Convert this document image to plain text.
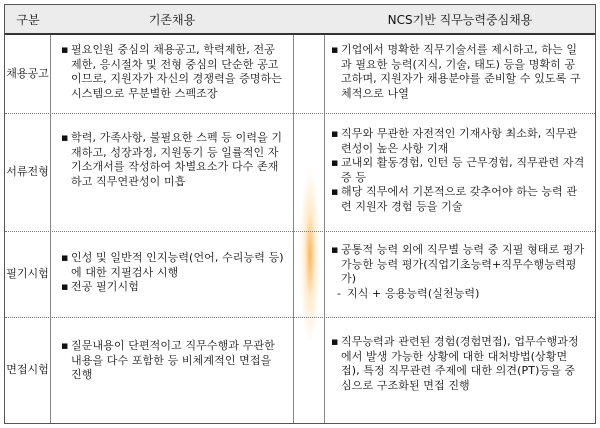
구분	기존채용	NCS기반 직무능력중심채용
채용공고
▪ 필요인원 중심의 채용공고, 학력제한, 전공제한, 응시절차 및 전형 중심의 단순한 공고이므로, 지원자가 자신의 경쟁력을 증명하는 시스템으로 무분별한 스펙조장
▪ 기업에서 명확한 직무기술서를 제시하고, 하는 일과 필요한 능력(지식, 기술, 태도) 등을 명확히 공고하며, 지원자가 채용분야를 준비할 수 있도록 구체적으로 나열
서류전형
▪ 학력, 가족사항, 불필요한 스펙 등 이력을 기재하고, 성장과정, 지원동기 등 일률적인 자기소개서를 작성하여 차별요소가 다수 존재하고 직무연관성이 미흡
▪ 직무와 무관한 자전적인 기재사항 최소화, 직무관련성이 높은 사항 기재
▪ 교내외 활동경험, 인턴 등 근무경험, 직무관련 자격증 등
▪ 해당 직무에서 기본적으로 갖추어야 하는 능력 관련 지원자 경험 등을 기술
필기시험
▪ 인성 및 일반적 인지능력(언어, 수리능력 등)에 대한 지필검사 시행
▪ 전공 필기시험
▪ 공통적 능력 외에 직무별 능력 중 지필 형태로 평가가능한 능력 평가(직업기초능력+직무수행능력평가)
- 지식 + 응용능력(실천능력)
면접시험
▪ 질문내용이 단편적이고 직무수행과 무관한 내용을 다수 포함한 등 비체계적인 면접을 진행
▪ 직무능력과 관련된 경험(경험면접), 업무수행과정에서 발생 가능한 상황에 대한 대처방법(상황면접), 특정 직무관련 주제에 대한 의견(PT)등을 중심으로 구조화된 면접 진행
